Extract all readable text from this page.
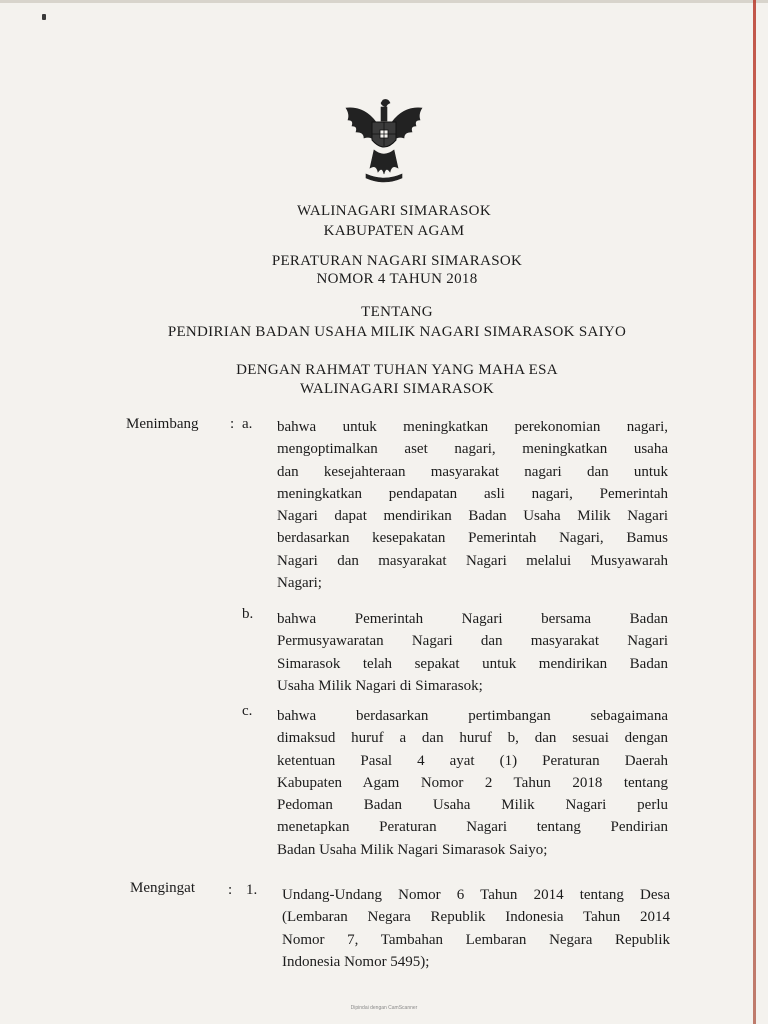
WALINAGARI SIMARASOK
KABUPATEN AGAM
PERATURAN NAGARI SIMARASOK
NOMOR 4 TAHUN 2018
TENTANG
PENDIRIAN BADAN USAHA MILIK NAGARI SIMARASOK SAIYO
DENGAN RAHMAT TUHAN YANG MAHA ESA
WALINAGARI SIMARASOK
Menimbang : a. bahwa untuk meningkatkan perekonomian nagari,
mengoptimalkan aset nagari, meningkatkan usaha
dan kesejahteraan masyarakat nagari dan untuk
meningkatkan pendapatan asli nagari, Pemerintah
Nagari dapat mendirikan Badan Usaha Milik Nagari
berdasarkan kesepakatan Pemerintah Nagari, Bamus
Nagari dan masyarakat Nagari melalui Musyawarah
Nagari;
b. bahwa Pemerintah Nagari bersama Badan
Permusyawaratan Nagari dan masyarakat Nagari
Simarasok telah sepakat untuk mendirikan Badan
Usaha Milik Nagari di Simarasok;
c. bahwa berdasarkan pertimbangan sebagaimana
dimaksud huruf a dan huruf b, dan sesuai dengan
ketentuan Pasal 4 ayat (1) Peraturan Daerah
Kabupaten Agam Nomor 2 Tahun 2018 tentang
Pedoman Badan Usaha Milik Nagari perlu
menetapkan Peraturan Nagari tentang Pendirian
Badan Usaha Milik Nagari Simarasok Saiyo;
Mengingat : 1. Undang-Undang Nomor 6 Tahun 2014 tentang Desa
(Lembaran Negara Republik Indonesia Tahun 2014
Nomor 7, Tambahan Lembaran Negara Republik
Indonesia Nomor 5495);
Dipindai dengan CamScanner
